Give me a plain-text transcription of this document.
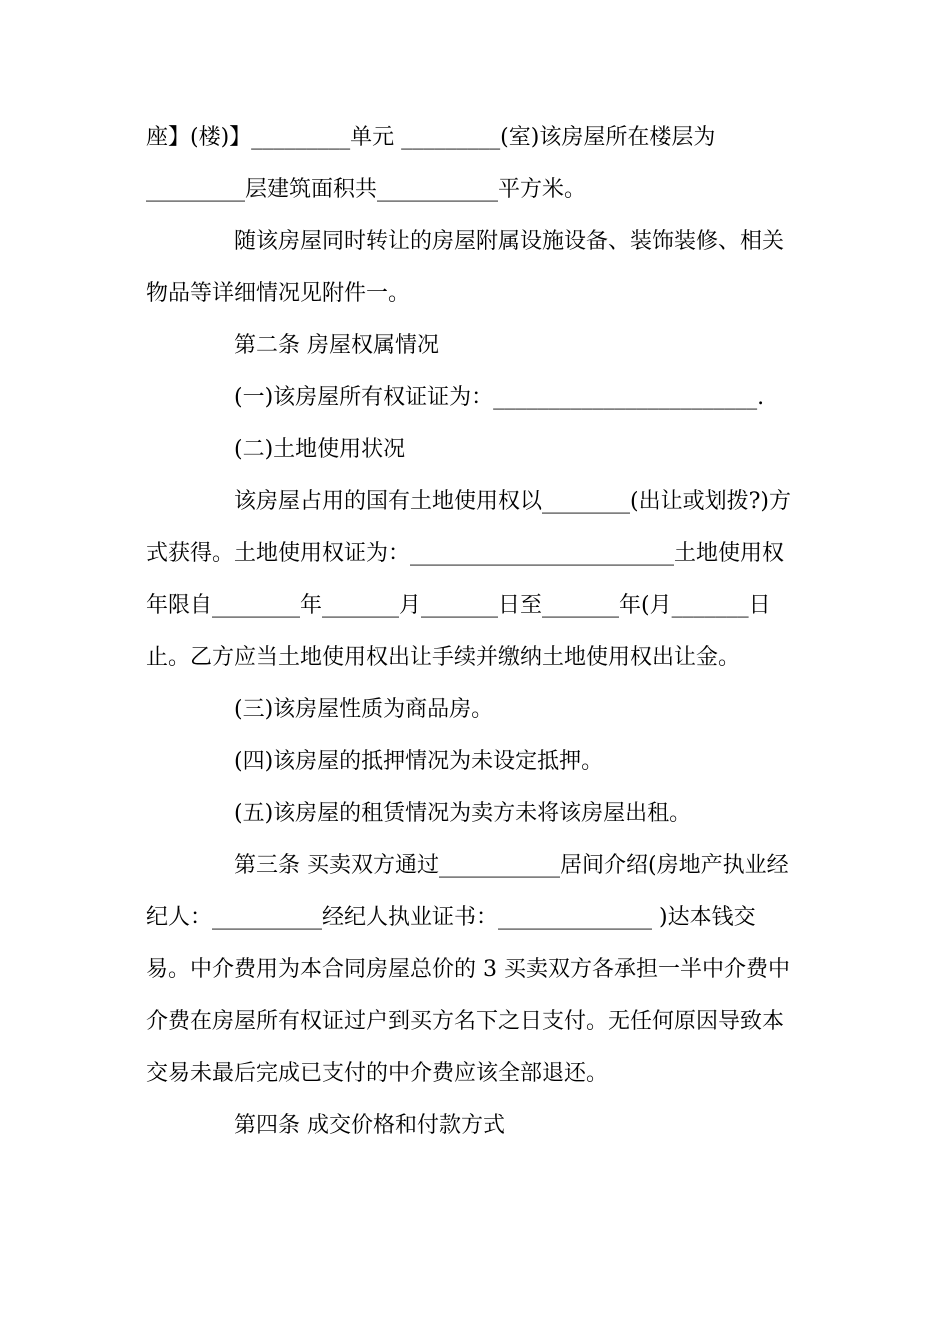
座】(楼)】_________单元 _________(室)该房屋所在楼层为
_________层建筑面积共___________平方米。
随该房屋同时转让的房屋附属设施设备、装饰装修、相关
物品等详细情况见附件一。
第二条 房屋权属情况
(一)该房屋所有权证证为：________________________.
(二)土地使用状况
该房屋占用的国有土地使用权以________(出让或划拨?)方
式获得。土地使用权证为：________________________土地使用权
年限自________年_______月_______日至_______年(月_______日
止。乙方应当土地使用权出让手续并缴纳土地使用权出让金。
(三)该房屋性质为商品房。
(四)该房屋的抵押情况为未设定抵押。
(五)该房屋的租赁情况为卖方未将该房屋出租。
第三条 买卖双方通过___________居间介绍(房地产执业经
纪人：__________经纪人执业证书：______________ )达本钱交
易。中介费用为本合同房屋总价的 3 买卖双方各承担一半中介费中
介费在房屋所有权证过户到买方名下之日支付。无任何原因导致本
交易未最后完成已支付的中介费应该全部退还。
第四条 成交价格和付款方式
